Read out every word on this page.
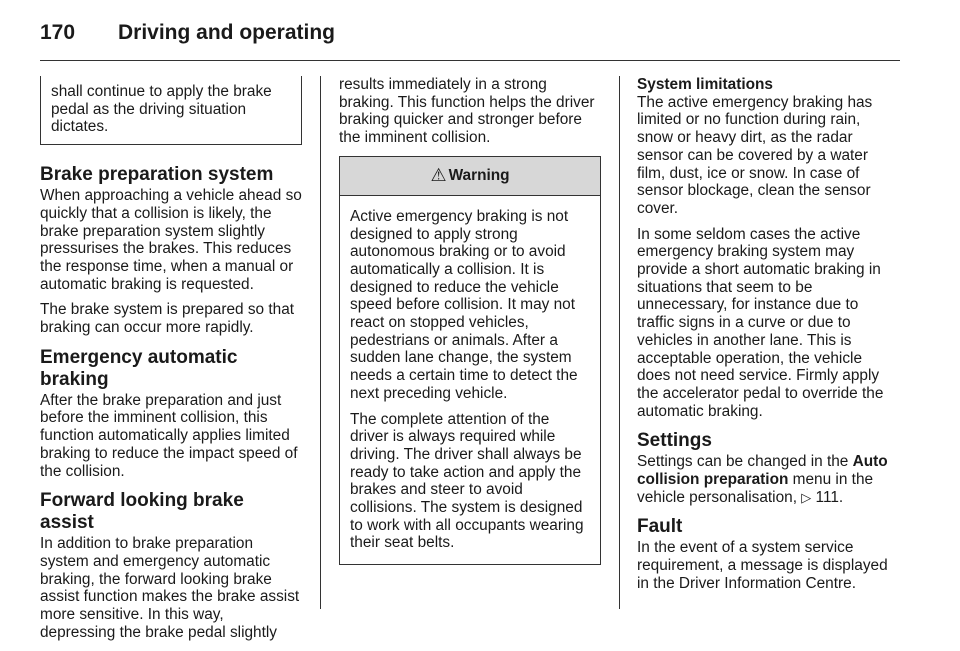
170 Driving and operating

shall continue to apply the brake pedal as the driving situation dictates.

Brake preparation system

When approaching a vehicle ahead so quickly that a collision is likely, the brake preparation system slightly pressurises the brakes. This reduces the response time, when a manual or automatic braking is requested.

The brake system is prepared so that braking can occur more rapidly.

Emergency automatic braking

After the brake preparation and just before the imminent collision, this function automatically applies limited braking to reduce the impact speed of the collision.

Forward looking brake assist

In addition to brake preparation system and emergency automatic braking, the forward looking brake assist function makes the brake assist more sensitive. In this way, depressing the brake pedal slightly

results immediately in a strong braking. This function helps the driver braking quicker and stronger before the imminent collision.

⚠ Warning

Active emergency braking is not designed to apply strong autonomous braking or to avoid automatically a collision. It is designed to reduce the vehicle speed before collision. It may not react on stopped vehicles, pedestrians or animals. After a sudden lane change, the system needs a certain time to detect the next preceding vehicle.

The complete attention of the driver is always required while driving. The driver shall always be ready to take action and apply the brakes and steer to avoid collisions. The system is designed to work with all occupants wearing their seat belts.

System limitations

The active emergency braking has limited or no function during rain, snow or heavy dirt, as the radar sensor can be covered by a water film, dust, ice or snow. In case of sensor blockage, clean the sensor cover.

In some seldom cases the active emergency braking system may provide a short automatic braking in situations that seem to be unnecessary, for instance due to traffic signs in a curve or due to vehicles in another lane. This is acceptable operation, the vehicle does not need service. Firmly apply the accelerator pedal to override the automatic braking.

Settings

Settings can be changed in the Auto collision preparation menu in the vehicle personalisation, ▷ 111.

Fault

In the event of a system service requirement, a message is displayed in the Driver Information Centre.
